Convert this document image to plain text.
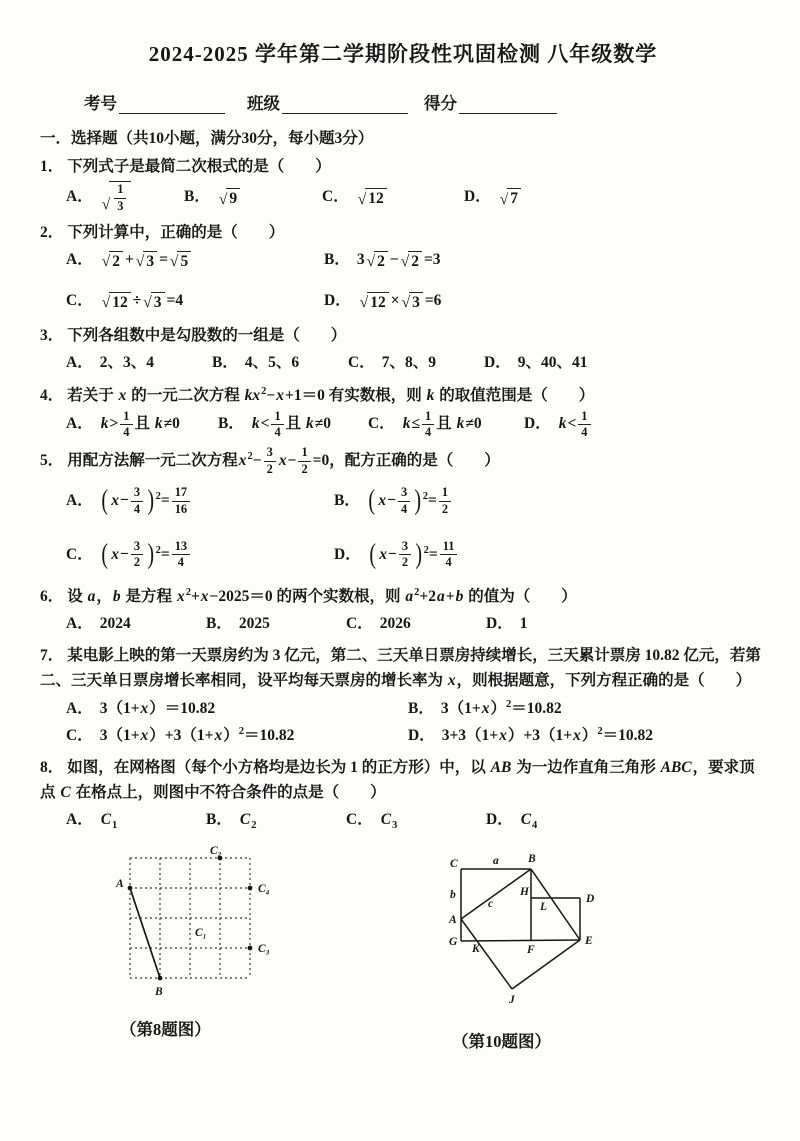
2024-2025 学年第二学期阶段性巩固检测 八年级数学
考号	班级	得分
一．选择题（共10小题，满分30分，每小题3分）
1． 下列式子是最简二次根式的是（　　）
A． √ $\frac{1}{3}$	B． √ 9	C． √ 12	D． √ 7
2． 下列计算中，正确的是（　　）
A． √ 2 + √ 3 = √ 5	B． 3 √ 2 − √ 2 =3
C． √ 12 ÷ √ 3 =4	D． √ 12 × √ 3 =6
3． 下列各组数中是勾股数的一组是（　　）
A． 2、3、4	B． 4、5、6	C． 7、8、9	D． 9、40、41
4． 若关于 x 的一元二次方程 $kx^2-x+1=0$ 有实数根，则 k 的取值范围是（　　）
A． $k> \frac{1}{4}$ 且 k≠0	B． $k< \frac{1}{4}$ 且 k≠0	C． $k\le \frac{1}{4}$ 且 k≠0	D． $k< \frac{1}{4}$
5． 用配方法解一元二次方程$x^2- \frac{3}{2} x- \frac{1}{2} =0$，配方正确的是（　　）
A． ( $x- \frac{3}{4}$ ) $^2= \frac{17}{16}$	B． ( $x- \frac{3}{4}$ ) $^2= \frac{1}{2}$
C． ( $x- \frac{3}{2}$ ) $^2= \frac{13}{4}$	D． ( $x- \frac{3}{2}$ ) $^2= \frac{11}{4}$
6． 设 a，b 是方程 $x^2+x-2025=0$ 的两个实数根，则 $a^2+2a+b$ 的值为（　　）
A． 2024	B． 2025	C． 2026	D． 1
7． 某电影上映的第一天票房约为 3 亿元，第二、三天单日票房持续增长，三天累计票房 10.82 亿元，若第二、三天单日票房增长率相同，设平均每天票房的增长率为 x，则根据题意，下列方程正确的是（　　）
A． 3（1+x）＝10.82	B． $3(1+x)^2=10.82$
C． $3(1+x)+3(1+x)^2=10.82$	D． $3+3(1+x)+3(1+x)^2=10.82$
8． 如图，在网格图（每个小方格均是边长为 1 的正方形）中，以 AB 为一边作直角三角形 ABC，要求顶点 C 在格点上，则图中不符合条件的点是（　　）
A． $C_1$	B． $C_2$	C． $C_3$	D． $C_4$
A
B
C₂
C₄
C₃
C₁
（第8题图）
C	a	B
b
c
H
L
D
A
G
K	F
E
J
（第10题图）
